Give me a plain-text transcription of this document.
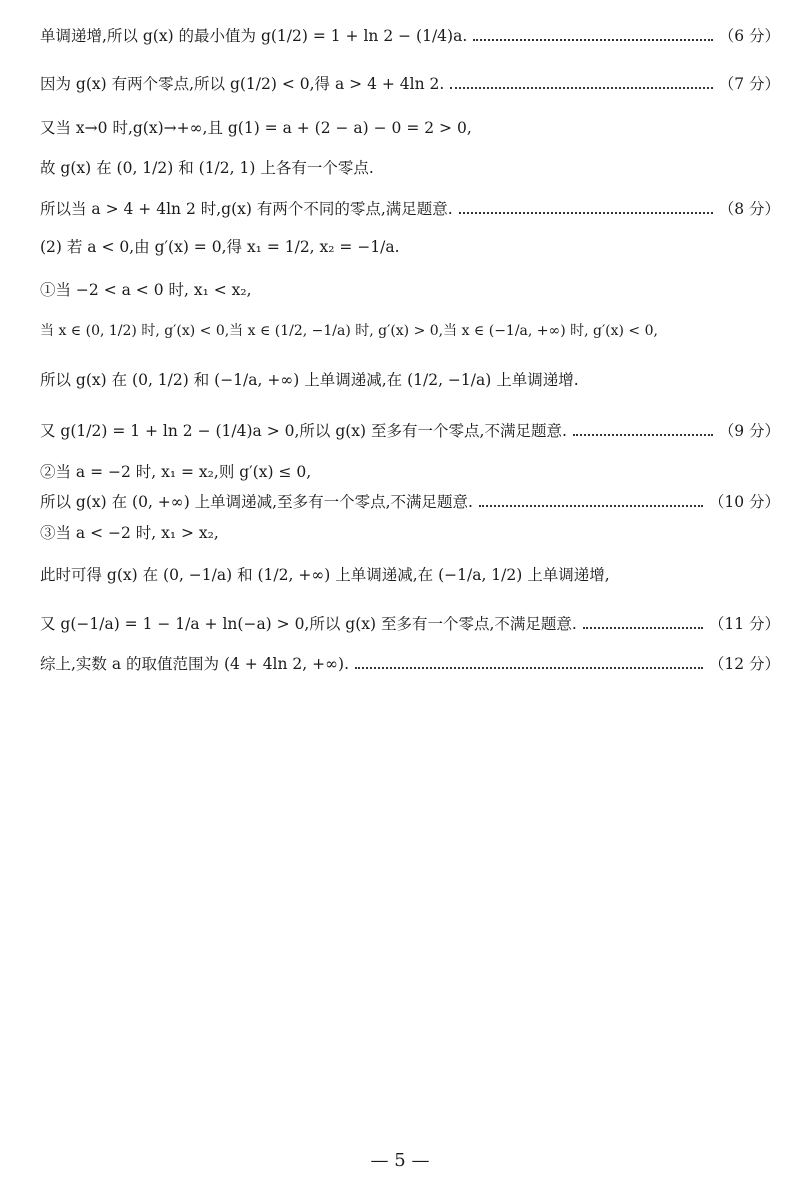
单调递增,所以 g(x) 的最小值为 g(1/2) = 1 + ln 2 − (1/4)a.	（6 分）
因为 g(x) 有两个零点,所以 g(1/2) < 0,得 a > 4 + 4ln 2.	（7 分）
又当 x→0 时,g(x)→+∞,且 g(1) = a + (2 − a) − 0 = 2 > 0,
故 g(x) 在 (0, 1/2) 和 (1/2, 1) 上各有一个零点.
所以当 a > 4 + 4ln 2 时,g(x) 有两个不同的零点,满足题意.	（8 分）
(2) 若 a < 0,由 g′(x) = 0,得 x₁ = 1/2, x₂ = −1/a.
①当 −2 < a < 0 时, x₁ < x₂,
当 x ∈ (0, 1/2) 时, g′(x) < 0,当 x ∈ (1/2, −1/a) 时, g′(x) > 0,当 x ∈ (−1/a, +∞) 时, g′(x) < 0,
所以 g(x) 在 (0, 1/2) 和 (−1/a, +∞) 上单调递减,在 (1/2, −1/a) 上单调递增.
又 g(1/2) = 1 + ln 2 − (1/4)a > 0,所以 g(x) 至多有一个零点,不满足题意.	（9 分）
②当 a = −2 时, x₁ = x₂,则 g′(x) ≤ 0,
所以 g(x) 在 (0, +∞) 上单调递减,至多有一个零点,不满足题意.	（10 分）
③当 a < −2 时, x₁ > x₂,
此时可得 g(x) 在 (0, −1/a) 和 (1/2, +∞) 上单调递减,在 (−1/a, 1/2) 上单调递增,
又 g(−1/a) = 1 − 1/a + ln(−a) > 0,所以 g(x) 至多有一个零点,不满足题意.	（11 分）
综上,实数 a 的取值范围为 (4 + 4ln 2, +∞).	（12 分）
— 5 —
